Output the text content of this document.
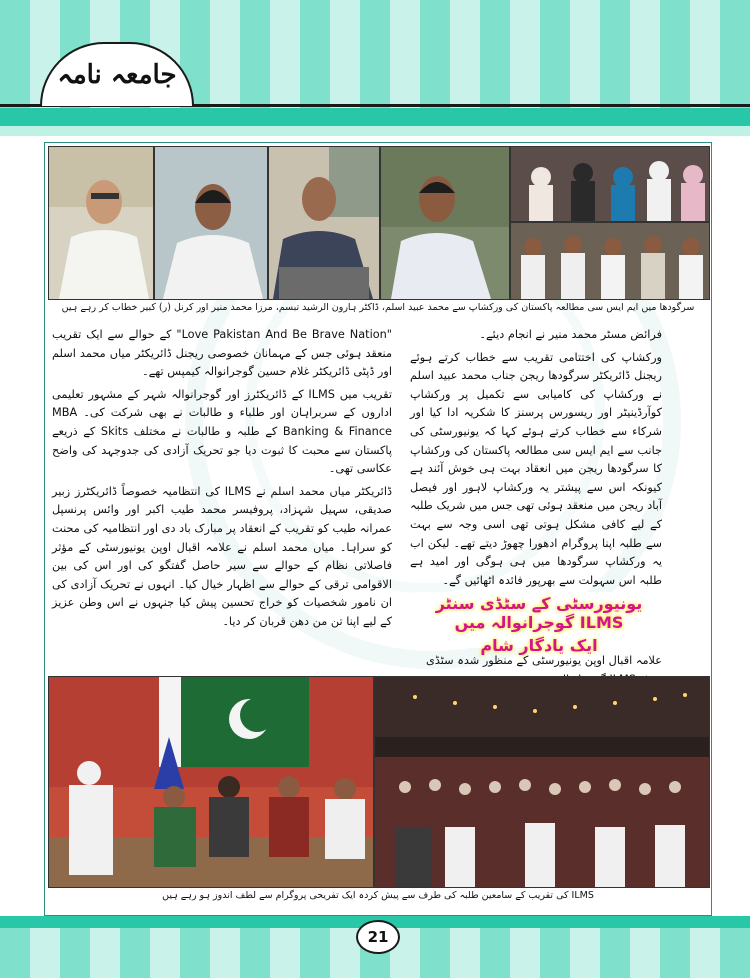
جامعہ نامہ
سرگودھا میں ایم ایس سی مطالعہ پاکستان کی ورکشاپ سے محمد عبید اسلم، ڈاکٹر ہارون الرشید تبسم، مرزا محمد منیر اور کرنل (ر) کبیر خطاب کر رہے ہیں

فرائض مسٹر محمد منیر نے انجام دیئے۔

ورکشاپ کی اختتامی تقریب سے خطاب کرتے ہوئے ریجنل ڈائریکٹر سرگودھا ریجن جناب محمد عبید اسلم نے ورکشاپ کی کامیابی سے تکمیل پر ورکشاپ کوآرڈینیٹر اور ریسورس پرسنز کا شکریہ ادا کیا اور شرکاء سے خطاب کرتے ہوئے کہا کہ یونیورسٹی کی جانب سے ایم ایس سی مطالعہ پاکستان کی ورکشاپ کا سرگودھا ریجن میں انعقاد بہت ہی خوش آئند ہے کیونکہ اس سے پیشتر یہ ورکشاپ لاہور اور فیصل آباد ریجن میں منعقد ہوئی تھی جس میں شریک طلبہ کے لیے کافی مشکل ہوتی تھی اسی وجہ سے بہت سے طلبہ اپنا پروگرام ادھورا چھوڑ دیتے تھے۔ لیکن اب یہ ورکشاپ سرگودھا میں ہی ہوگی اور امید ہے طلبہ اس سہولت سے بھرپور فائدہ اٹھائیں گے۔

"Love Pakistan And Be Brave Nation" کے حوالے سے ایک تقریب منعقد ہوئی جس کے مہمانان خصوصی ریجنل ڈائریکٹر میاں محمد اسلم اور ڈپٹی ڈائریکٹر غلام حسین گوجرانوالہ کیمپس تھے۔

تقریب میں ILMS کے ڈائریکٹرز اور گوجرانوالہ شہر کے مشہور تعلیمی اداروں کے سربراہان اور طلباء و طالبات نے بھی شرکت کی۔ MBA Banking & Finance کے طلبہ و طالبات نے مختلف Skits کے ذریعے پاکستان سے محبت کا ثبوت دیا جو تحریک آزادی کی جدوجہد کی واضح عکاسی تھی۔

ڈائریکٹر میاں محمد اسلم نے ILMS کی انتظامیہ خصوصاً ڈائریکٹرز زبیر صدیقی، سہیل شہزاد، پروفیسر محمد طیب اکبر اور وائس پرنسپل عمرانہ طیب کو تقریب کے انعقاد پر مبارک باد دی اور انتظامیہ کی محنت کو سراہا۔ میاں محمد اسلم نے علامہ اقبال اوپن یونیورسٹی کے مؤثر فاصلاتی نظام کے حوالے سے سیر حاصل گفتگو کی اور اس کی بین الاقوامی ترقی کے حوالے سے اظہار خیال کیا۔ انہوں نے تحریک آزادی کی ان نامور شخصیات کو خراج تحسین پیش کیا جنہوں نے اس وطن عزیز کے لیے اپنا تن من دھن قربان کر دیا۔

یونیورسٹی کے سٹڈی سنٹر ILMS گوجرانوالہ میں
ایک یادگار شام
علامہ اقبال اوپن یونیورسٹی کے منظور شدہ سٹڈی
ILMS کی تقریب کے سامعین طلبہ کی طرف سے پیش کردہ ایک تفریحی پروگرام سے لطف اندوز ہو رہے ہیں
21
